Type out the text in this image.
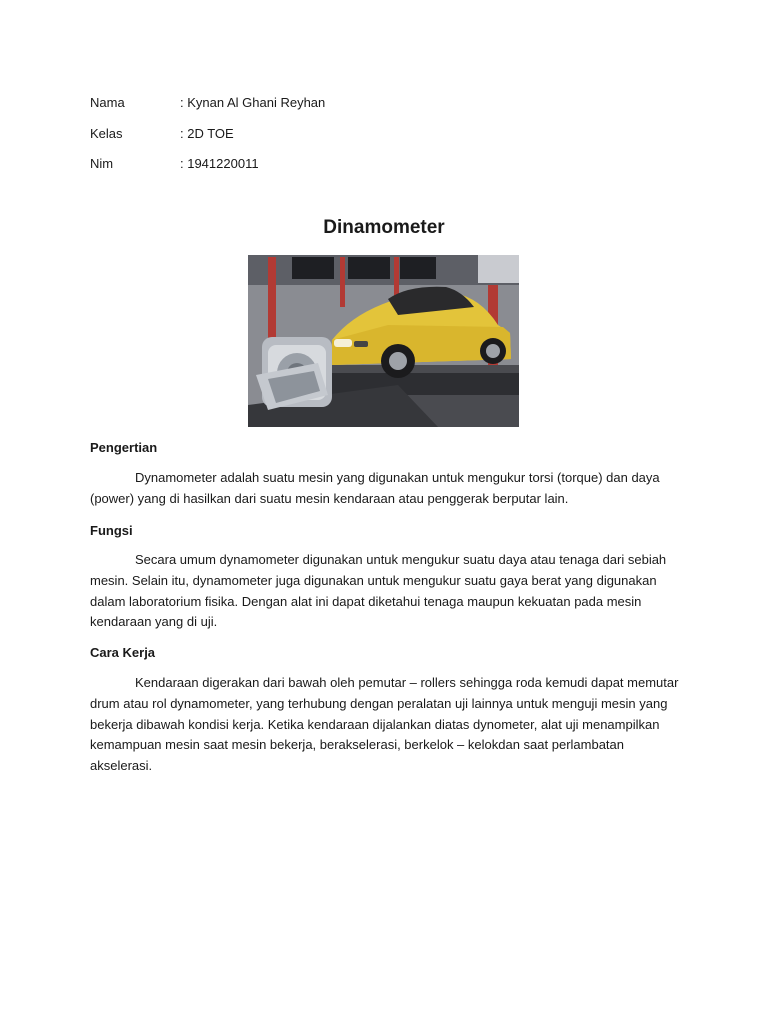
Nama	: Kynan Al Ghani Reyhan
Kelas	: 2D TOE
Nim	: 1941220011
Dinamometer
Pengertian
Dynamometer adalah suatu mesin yang digunakan untuk mengukur torsi (torque) dan daya (power) yang di hasilkan dari suatu mesin kendaraan atau penggerak berputar lain.
Fungsi
Secara umum dynamometer digunakan untuk mengukur suatu daya atau tenaga dari sebiah mesin. Selain itu, dynamometer juga digunakan untuk mengukur suatu gaya berat yang digunakan dalam laboratorium fisika. Dengan alat ini dapat diketahui tenaga maupun kekuatan pada mesin kendaraan yang di uji.
Cara Kerja
Kendaraan digerakan dari bawah oleh pemutar – rollers sehingga roda kemudi dapat memutar drum atau rol dynamometer, yang terhubung dengan peralatan uji lainnya untuk menguji mesin yang bekerja dibawah kondisi kerja. Ketika kendaraan dijalankan diatas dynometer, alat uji menampilkan kemampuan mesin saat mesin bekerja, berakselerasi, berkelok – kelokdan saat perlambatan akselerasi.
